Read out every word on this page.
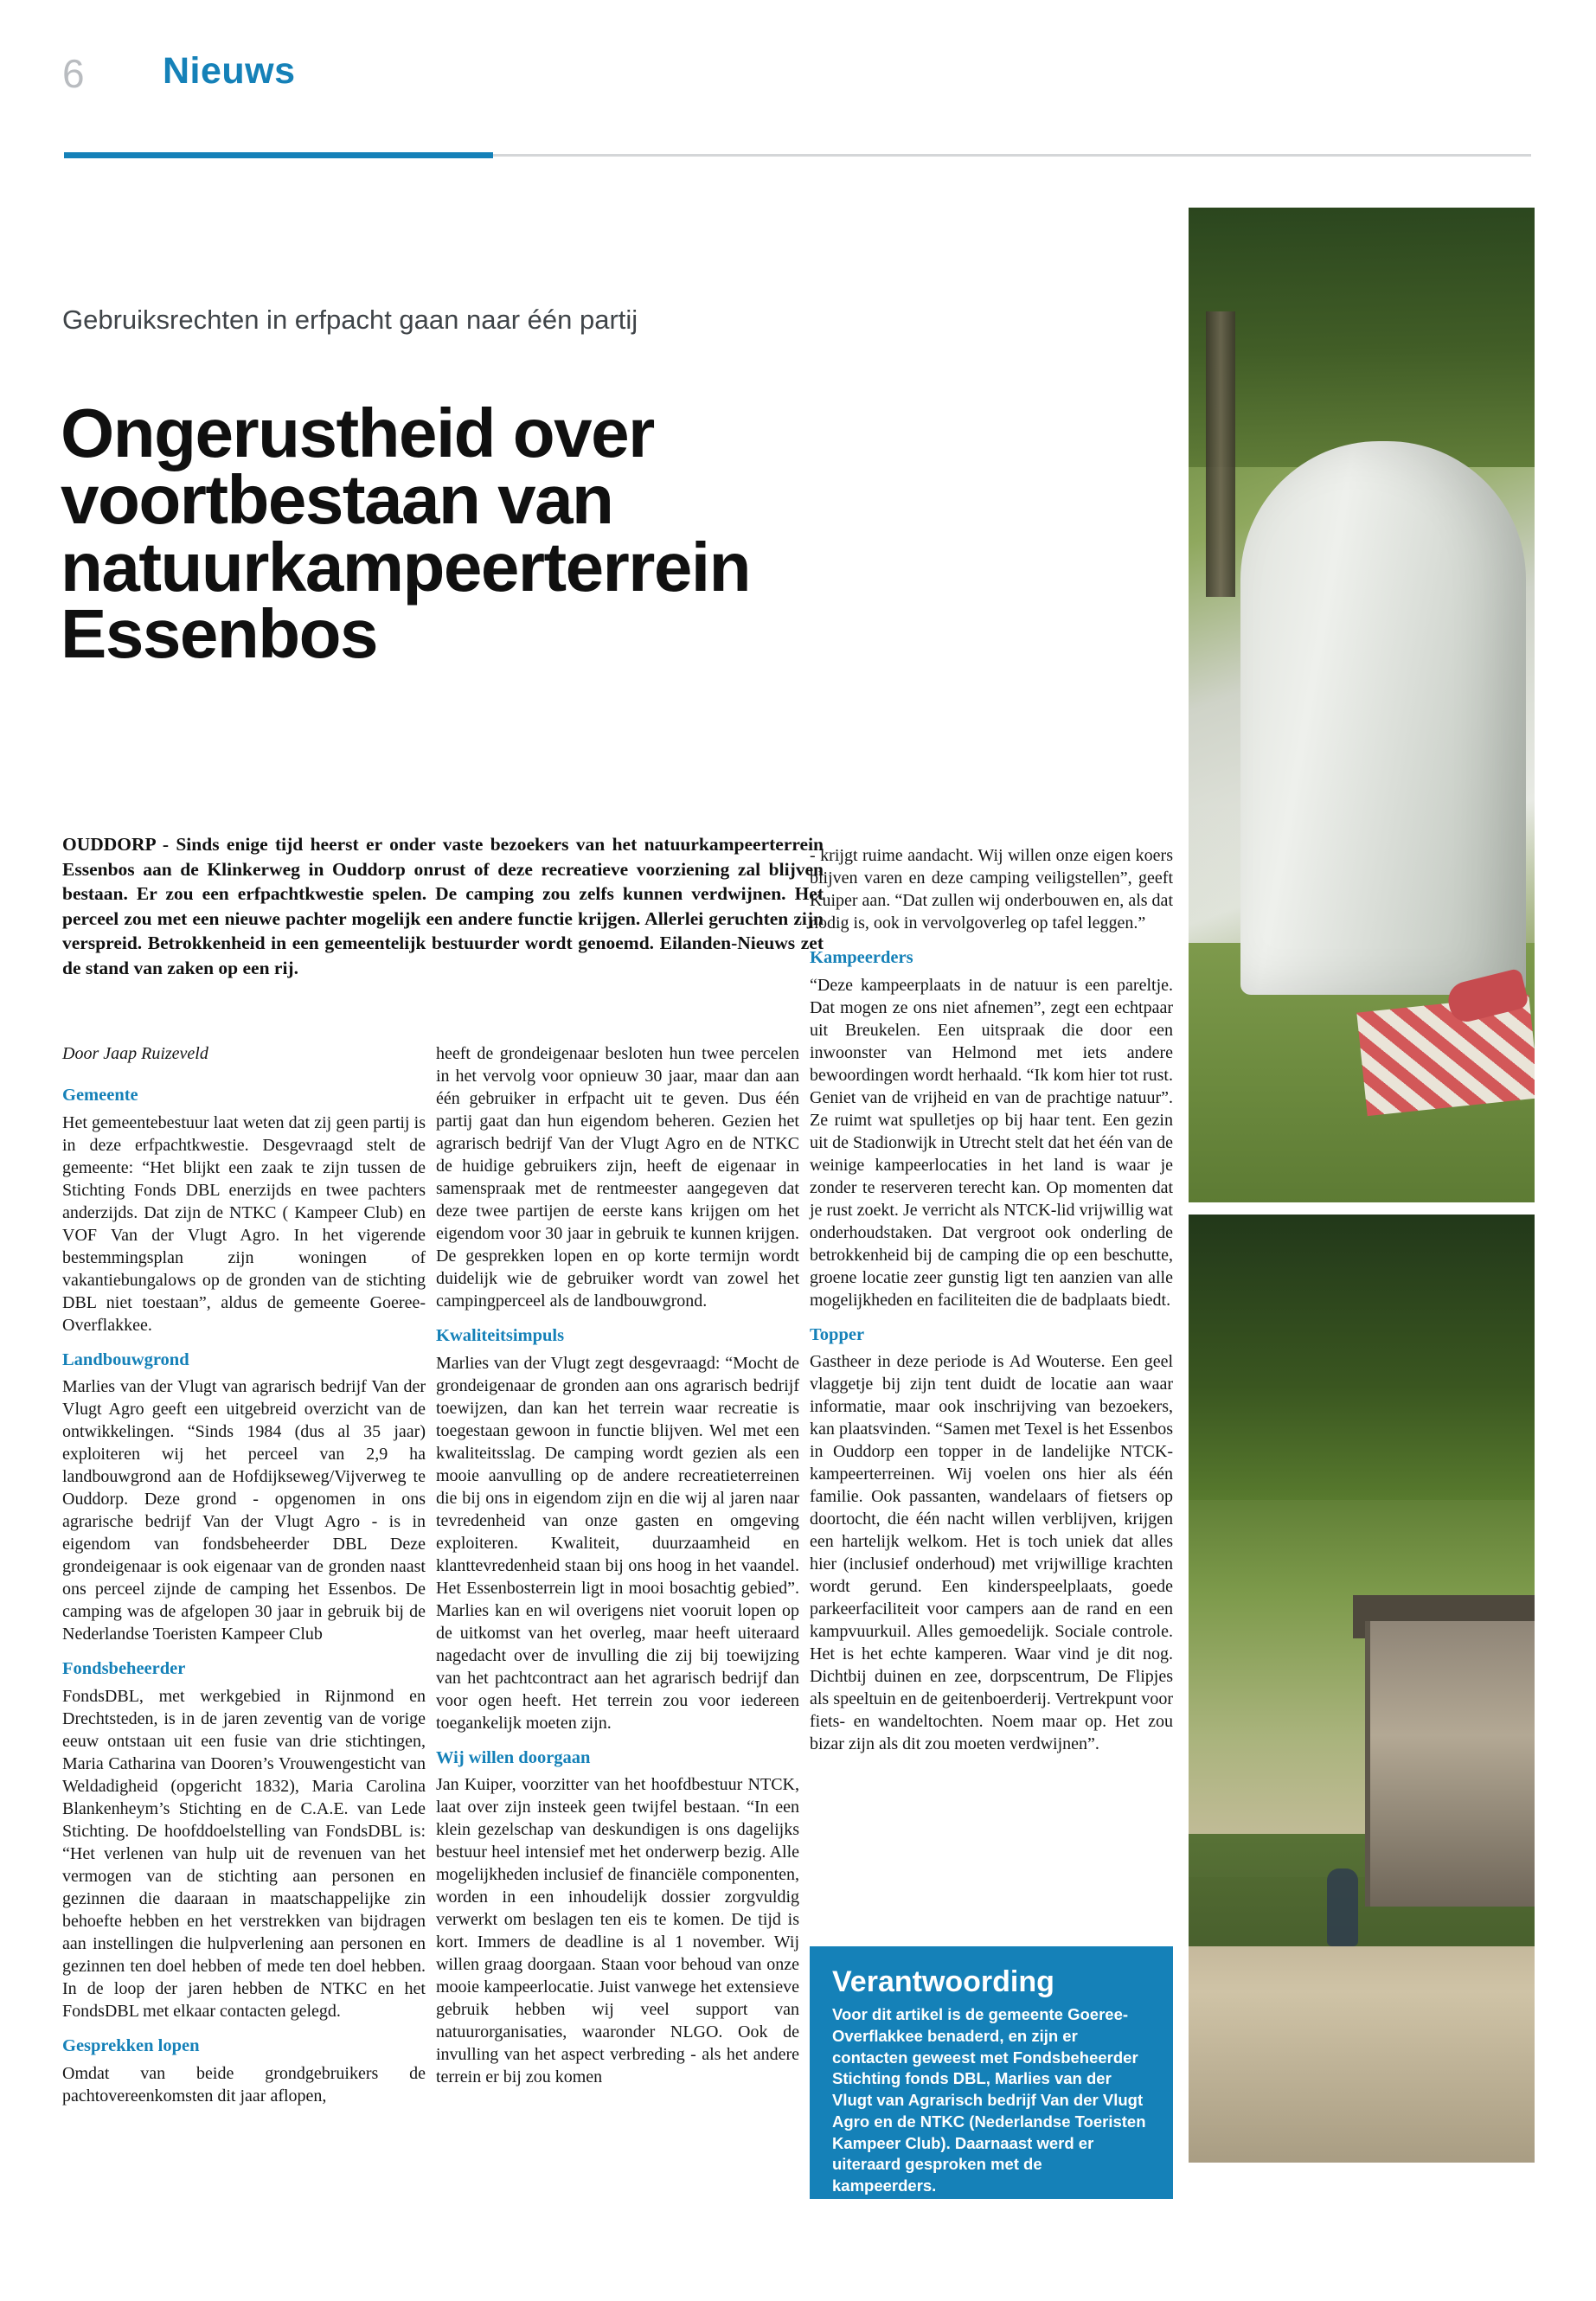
6 Nieuws
Gebruiksrechten in erfpacht gaan naar één partij
Ongerustheid over voortbestaan van natuurkampeerterrein Essenbos
OUDDORP - Sinds enige tijd heerst er onder vaste bezoekers van het natuurkampeerterrein Essenbos aan de Klinkerweg in Ouddorp onrust of deze recreatieve voorziening zal blijven bestaan. Er zou een erfpachtkwestie spelen. De camping zou zelfs kunnen verdwijnen. Het perceel zou met een nieuwe pachter mogelijk een andere functie krijgen. Allerlei geruchten zijn verspreid. Betrokkenheid in een gemeentelijk bestuurder wordt genoemd. Eilanden-Nieuws zet de stand van zaken op een rij.
Door Jaap Ruizeveld
Gemeente

Het gemeentebestuur laat weten dat zij geen partij is in deze erfpachtkwestie. Desgevraagd stelt de gemeente: “Het blijkt een zaak te zijn tussen de Stichting Fonds DBL enerzijds en twee pachters anderzijds. Dat zijn de NTKC ( Kampeer Club) en VOF Van der Vlugt Agro. In het vigerende bestemmingsplan zijn woningen of vakantiebungalows op de gronden van de stichting DBL niet toestaan”, aldus de gemeente Goeree-Overflakkee.

Landbouwgrond

Marlies van der Vlugt van agrarisch bedrijf Van der Vlugt Agro geeft een uitgebreid overzicht van de ontwikkelingen. “Sinds 1984 (dus al 35 jaar) exploiteren wij het perceel van 2,9 ha landbouwgrond aan de Hofdijkseweg/Vijverweg te Ouddorp. Deze grond - opgenomen in ons agrarische bedrijf Van der Vlugt Agro - is in eigendom van fondsbeheerder DBL Deze grondeigenaar is ook eigenaar van de gronden naast ons perceel zijnde de camping het Essenbos. De camping was de afgelopen 30 jaar in gebruik bij de Nederlandse Toeristen Kampeer Club

Fondsbeheerder

FondsDBL, met werkgebied in Rijnmond en Drechtsteden, is in de jaren zeventig van de vorige eeuw ontstaan uit een fusie van drie stichtingen, Maria Catharina van Dooren’s Vrouwengesticht van Weldadigheid (opgericht 1832), Maria Carolina Blankenheym’s Stichting en de C.A.E. van Lede Stichting. De hoofddoelstelling van FondsDBL is: “Het verlenen van hulp uit de revenuen van het vermogen van de stichting aan personen en gezinnen die daaraan in maatschappelijke zin behoefte hebben en het verstrekken van bijdragen aan instellingen die hulpverlening aan personen en gezinnen ten doel hebben of mede ten doel hebben. In de loop der jaren hebben de NTKC en het FondsDBL met elkaar contacten gelegd.

Gesprekken lopen

Omdat van beide grondgebruikers de pachtovereenkomsten dit jaar aflopen,

heeft de grondeigenaar besloten hun twee percelen in het vervolg voor opnieuw 30 jaar, maar dan aan één gebruiker in erfpacht uit te geven. Dus één partij gaat dan hun eigendom beheren. Gezien het agrarisch bedrijf Van der Vlugt Agro en de NTKC de huidige gebruikers zijn, heeft de eigenaar in samenspraak met de rentmeester aangegeven dat deze twee partijen de eerste kans krijgen om het eigendom voor 30 jaar in gebruik te kunnen krijgen. De gesprekken lopen en op korte termijn wordt duidelijk wie de gebruiker wordt van zowel het campingperceel als de landbouwgrond.

Kwaliteitsimpuls

Marlies van der Vlugt zegt desgevraagd: “Mocht de grondeigenaar de gronden aan ons agrarisch bedrijf toewijzen, dan kan het terrein waar recreatie is toegestaan gewoon in functie blijven. Wel met een kwaliteitsslag. De camping wordt gezien als een mooie aanvulling op de andere recreatieterreinen die bij ons in eigendom zijn en die wij al jaren naar tevredenheid van onze gasten en omgeving exploiteren. Kwaliteit, duurzaamheid en klanttevredenheid staan bij ons hoog in het vaandel. Het Essenbosterrein ligt in mooi bosachtig gebied”. Marlies kan en wil overigens niet vooruit lopen op de uitkomst van het overleg, maar heeft uiteraard nagedacht over de invulling die zij bij toewijzing van het pachtcontract aan het agrarisch bedrijf dan voor ogen heeft. Het terrein zou voor iedereen toegankelijk moeten zijn.

Wij willen doorgaan

Jan Kuiper, voorzitter van het hoofdbestuur NTCK, laat over zijn insteek geen twijfel bestaan. “In een klein gezelschap van deskundigen is ons dagelijks bestuur heel intensief met het onderwerp bezig. Alle mogelijkheden inclusief de financiële componenten, worden in een inhoudelijk dossier zorgvuldig verwerkt om beslagen ten eis te komen. De tijd is kort. Immers de deadline is al 1 november. Wij willen graag doorgaan. Staan voor behoud van onze mooie kampeerlocatie. Juist vanwege het extensieve gebruik hebben wij veel support van natuurorganisaties, waaronder NLGO. Ook de invulling van het aspect verbreding - als het andere terrein er bij zou komen

- krijgt ruime aandacht. Wij willen onze eigen koers blijven varen en deze camping veiligstellen”, geeft Kuiper aan. “Dat zullen wij onderbouwen en, als dat nodig is, ook in vervolgoverleg op tafel leggen.”

Kampeerders

“Deze kampeerplaats in de natuur is een pareltje. Dat mogen ze ons niet afnemen”, zegt een echtpaar uit Breukelen. Een uitspraak die door een inwoonster van Helmond met iets andere bewoordingen wordt herhaald. “Ik kom hier tot rust. Geniet van de vrijheid en van de prachtige natuur”. Ze ruimt wat spulletjes op bij haar tent. Een gezin uit de Stadionwijk in Utrecht stelt dat het één van de weinige kampeerlocaties in het land is waar je zonder te reserveren terecht kan. Op momenten dat je rust zoekt. Je verricht als NTCK-lid vrijwillig wat onderhoudstaken. Dat vergroot ook onderling de betrokkenheid bij de camping die op een beschutte, groene locatie zeer gunstig ligt ten aanzien van alle mogelijkheden en faciliteiten die de badplaats biedt.

Topper

Gastheer in deze periode is Ad Wouterse. Een geel vlaggetje bij zijn tent duidt de locatie aan waar informatie, maar ook inschrijving van bezoekers, kan plaatsvinden. “Samen met Texel is het Essenbos in Ouddorp een topper in de landelijke NTCK-kampeerterreinen. Wij voelen ons hier als één familie. Ook passanten, wandelaars of fietsers op doortocht, die één nacht willen verblijven, krijgen een hartelijk welkom. Het is toch uniek dat alles hier (inclusief onderhoud) met vrijwillige krachten wordt gerund. Een kinderspeelplaats, goede parkeerfaciliteit voor campers aan de rand en een kampvuurkuil. Alles gemoedelijk. Sociale controle. Het is het echte kamperen. Waar vind je dit nog. Dichtbij duinen en zee, dorpscentrum, De Flipjes als speeltuin en de geitenboerderij. Vertrekpunt voor fiets- en wandeltochten. Noem maar op. Het zou bizar zijn als dit zou moeten verdwijnen”.

Verantwoording
Voor dit artikel is de gemeente Goeree-Overflakkee benaderd, en zijn er contacten geweest met Fondsbeheerder Stichting fonds DBL, Marlies van der Vlugt van Agrarisch bedrijf Van der Vlugt Agro en de NTKC (Nederlandse Toeristen Kampeer Club). Daarnaast werd er uiteraard gesproken met de kampeerders.
